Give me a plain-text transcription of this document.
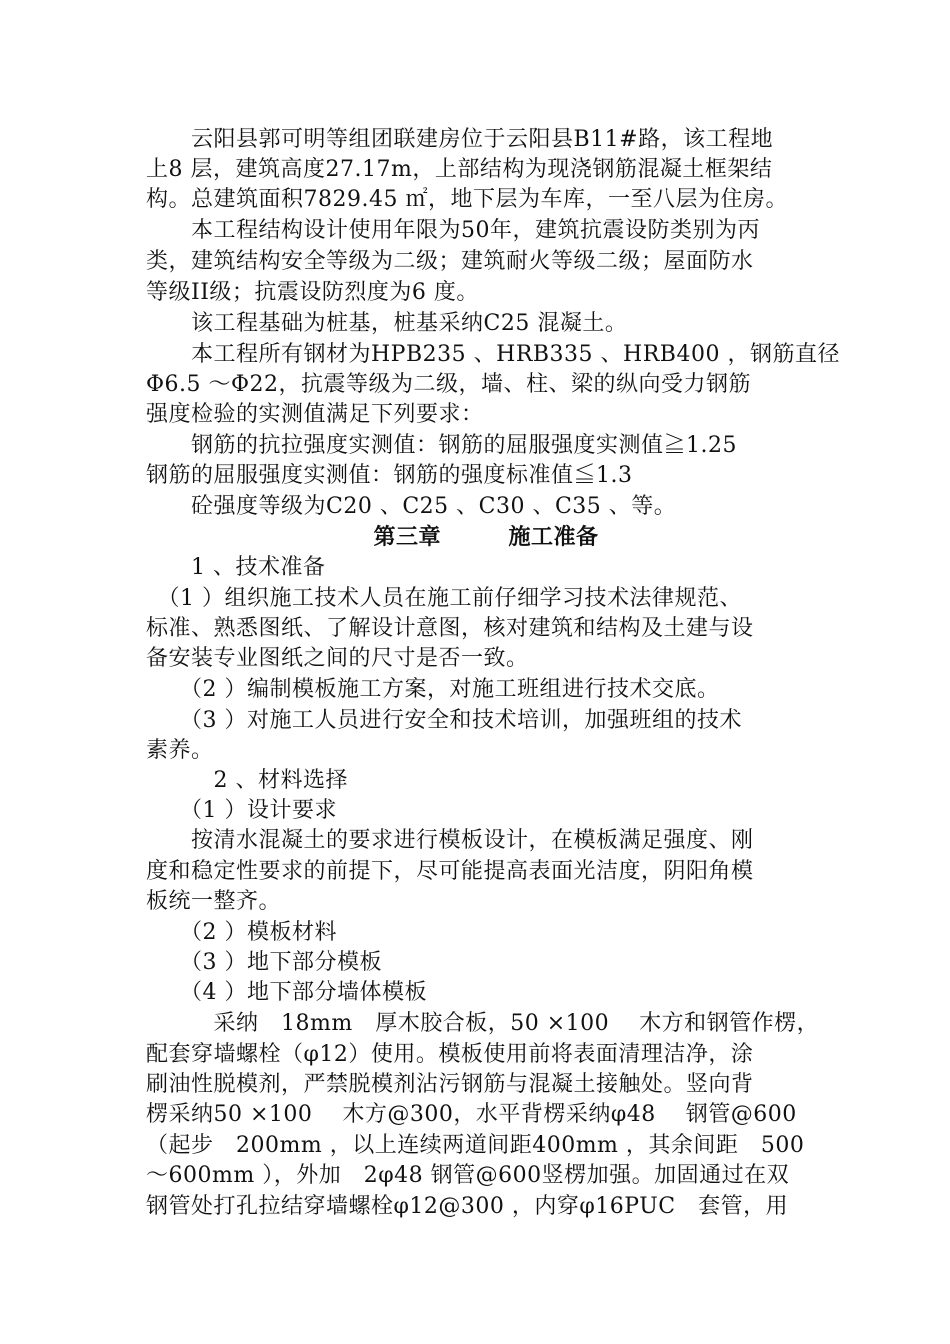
　　云阳县郭可明等组团联建房位于云阳县B11#路，该工程地
上8 层，建筑高度27.17m，上部结构为现浇钢筋混凝土框架结
构。总建筑面积7829.45 ㎡，地下层为车库，一至八层为住房。
　　本工程结构设计使用年限为50年，建筑抗震设防类别为丙
类，建筑结构安全等级为二级；建筑耐火等级二级；屋面防水
等级II级；抗震设防烈度为6 度。
　　该工程基础为桩基，桩基采纳C25 混凝土。
　　本工程所有钢材为HPB235 、HRB335 、HRB400 ，钢筋直径
Φ6.5 ～Φ22，抗震等级为二级，墙、柱、梁的纵向受力钢筋
强度检验的实测值满足下列要求：
　　钢筋的抗拉强度实测值：钢筋的屈服强度实测值≧1.25
钢筋的屈服强度实测值：钢筋的强度标准值≦1.3
　　砼强度等级为C20 、C25 、C30 、C35 、等。
第三章　　　施工准备
　　1 、技术准备
　（1 ）组织施工技术人员在施工前仔细学习技术法律规范、
标准、熟悉图纸、了解设计意图，核对建筑和结构及土建与设
备安装专业图纸之间的尺寸是否一致。
　　（2 ）编制模板施工方案，对施工班组进行技术交底。
　　（3 ）对施工人员进行安全和技术培训，加强班组的技术
素养。
　　　2 、材料选择
　　（1 ）设计要求
　　按清水混凝土的要求进行模板设计，在模板满足强度、刚
度和稳定性要求的前提下，尽可能提高表面光洁度，阴阳角模
板统一整齐。
　　（2 ）模板材料
　　（3 ）地下部分模板
　　（4 ）地下部分墙体模板
　　　采纳　18mm　厚木胶合板，50 ×100　 木方和钢管作楞，
配套穿墙螺栓（φ12）使用。模板使用前将表面清理洁净，涂
刷油性脱模剂，严禁脱模剂沾污钢筋与混凝土接触处。竖向背
楞采纳50 ×100　 木方@300，水平背楞采纳φ48　 钢管@600
（起步　200mm ，以上连续两道间距400mm ，其余间距　500
～600mm ），外加　2φ48 钢管@600竖楞加强。加固通过在双
钢管处打孔拉结穿墙螺栓φ12@300 ，内穿φ16PUC　套管，用
